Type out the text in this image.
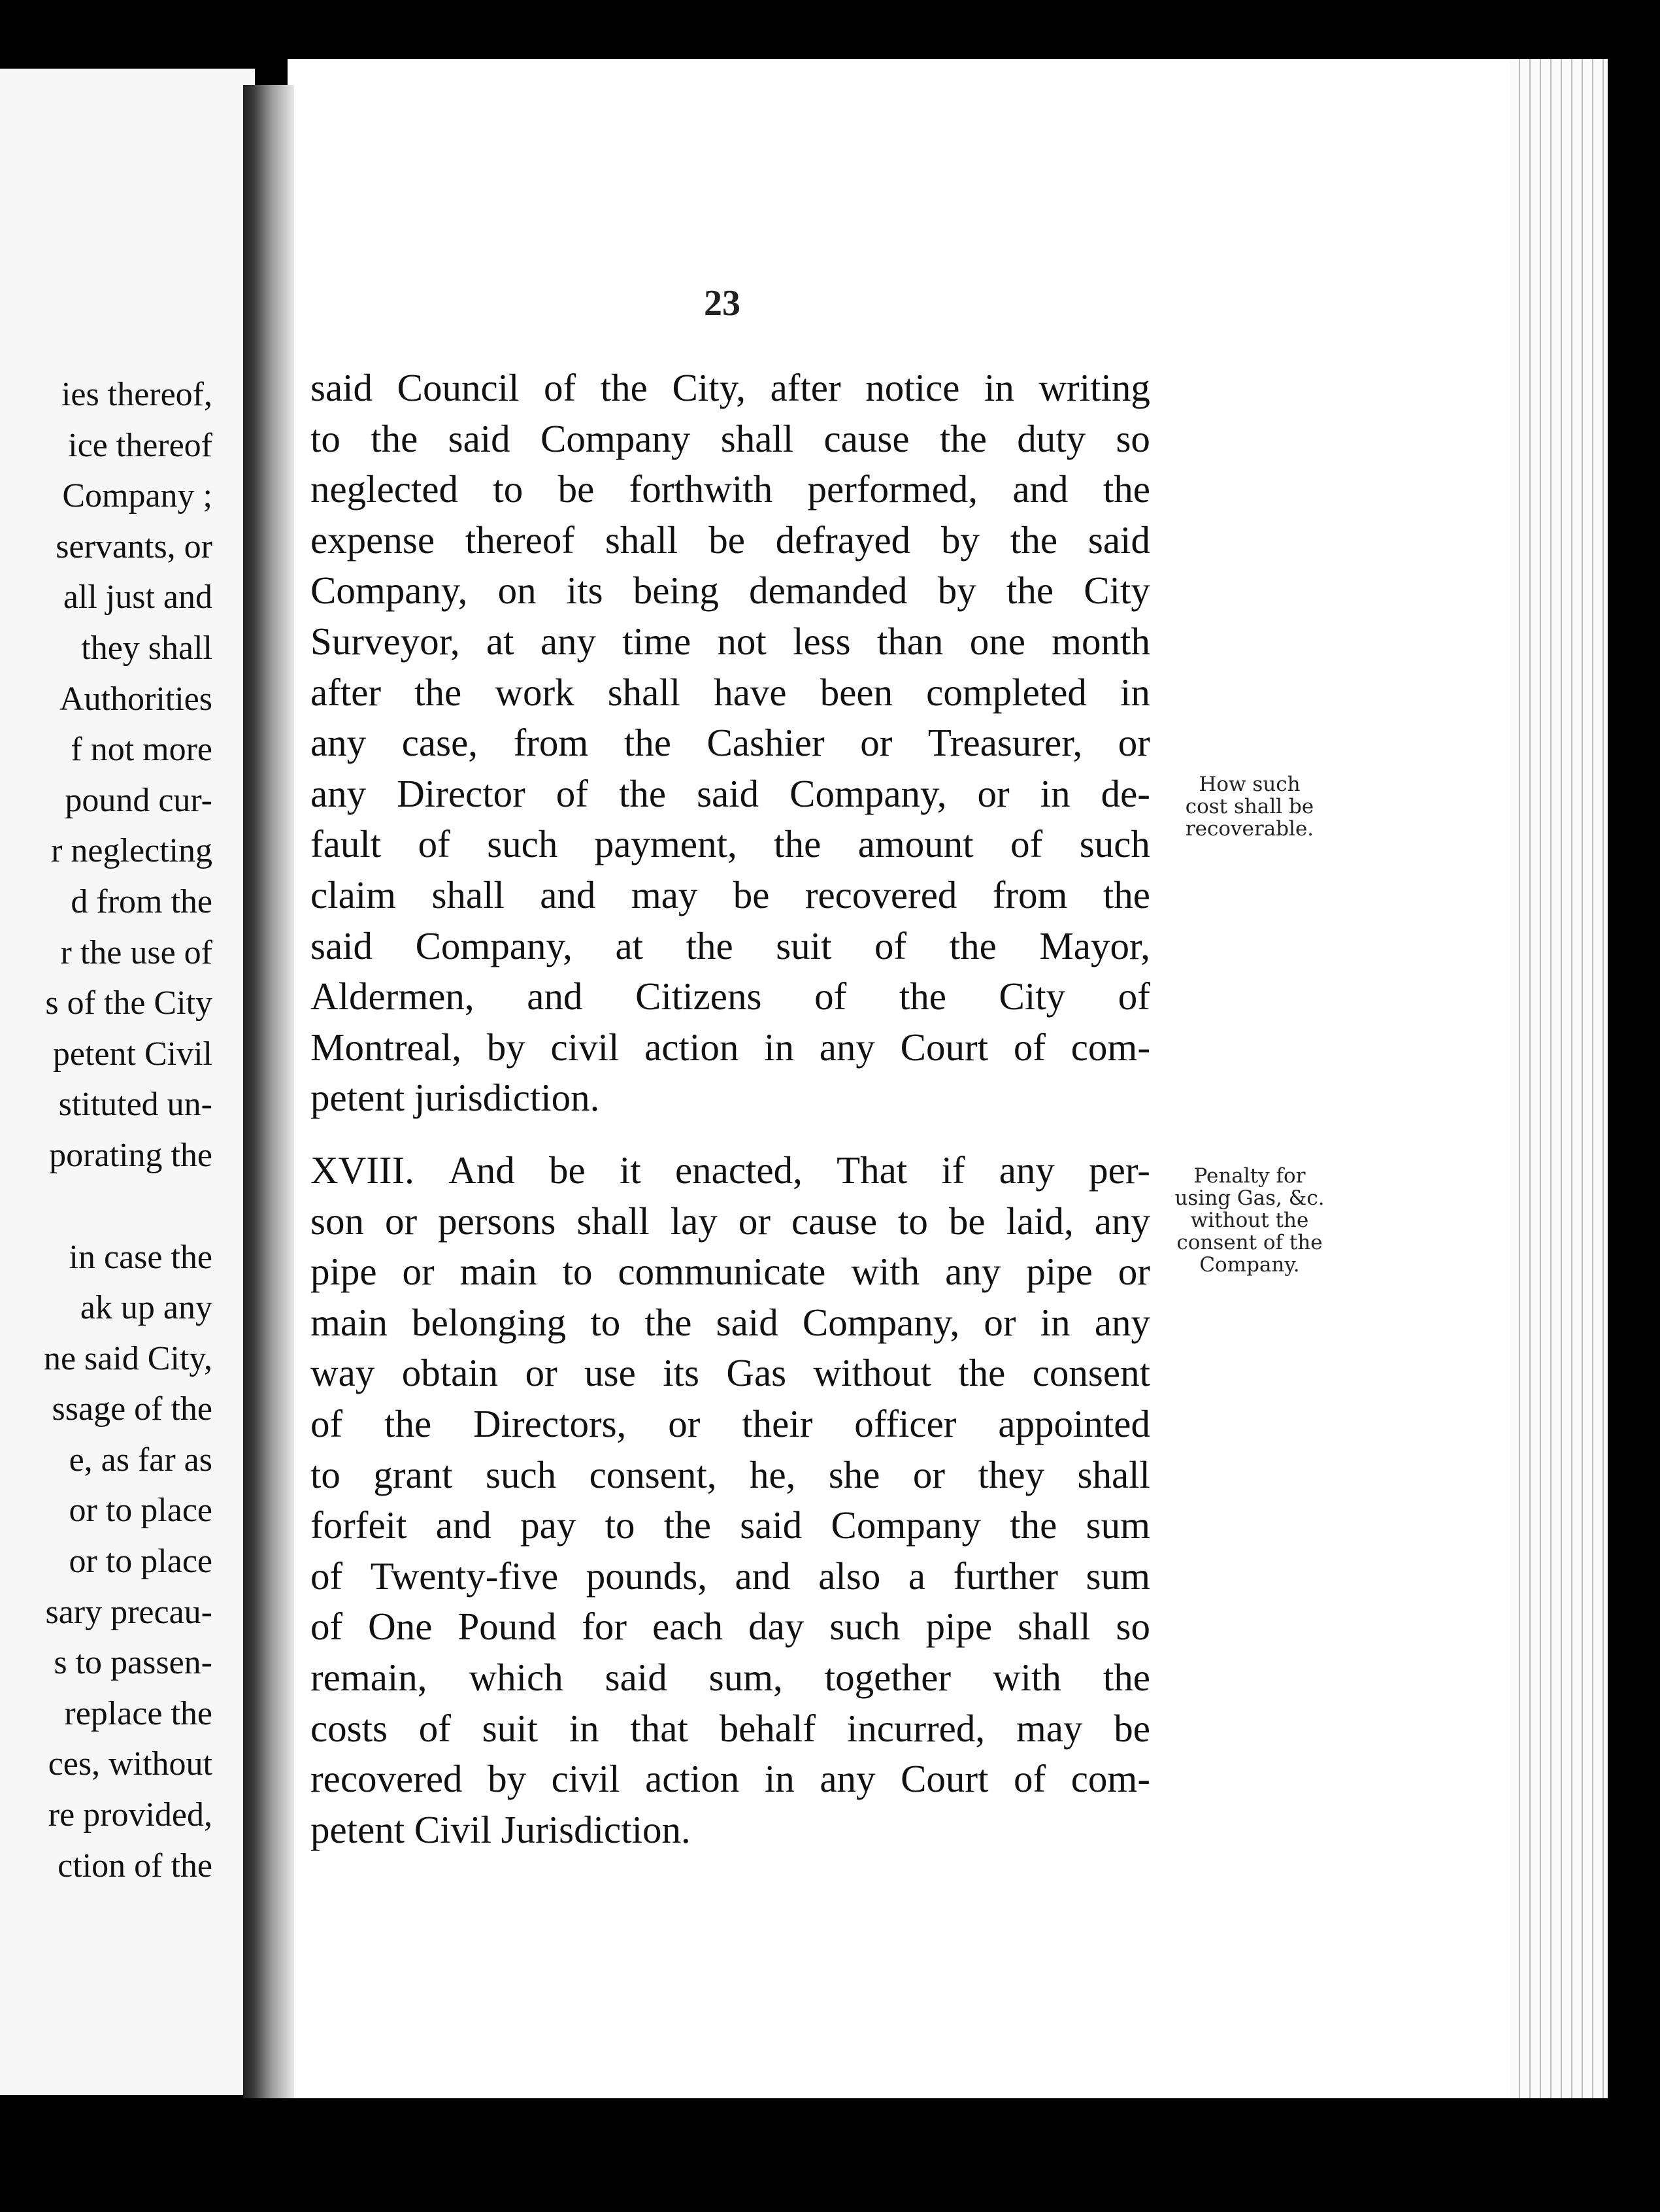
ies thereof,
ice thereof
Company ;
servants, or
all just and
they shall
Authorities
f not more
pound cur-
r neglecting
d from the
r the use of
s of the City
petent Civil
stituted un-
porating the
in case the
ak up any
ne said City,
ssage of the
e, as far as
or to place
or to place
sary precau-
s to passen-
replace the
ces, without
re provided,
ction of the
23
said Council of the City, after notice in writing
to the said Company shall cause the duty so
neglected to be forthwith performed, and the
expense thereof shall be defrayed by the said
Company, on its being demanded by the City
Surveyor, at any time not less than one month
after the work shall have been completed in
any case, from the Cashier or Treasurer, or
any Director of the said Company, or in de-
fault of such payment, the amount of such
claim shall and may be recovered from the
said Company, at the suit of the Mayor,
Aldermen, and Citizens of the City of
Montreal, by civil action in any Court of com-
petent jurisdiction.
How such
cost shall be
recoverable.
XVIII. And be it enacted, That if any per-
son or persons shall lay or cause to be laid, any
pipe or main to communicate with any pipe or
main belonging to the said Company, or in any
way obtain or use its Gas without the consent
of the Directors, or their officer appointed
to grant such consent, he, she or they shall
forfeit and pay to the said Company the sum
of Twenty-five pounds, and also a further sum
of One Pound for each day such pipe shall so
remain, which said sum, together with the
costs of suit in that behalf incurred, may be
recovered by civil action in any Court of com-
petent Civil Jurisdiction.
Penalty for
using Gas, &c.
without the
consent of the
Company.
